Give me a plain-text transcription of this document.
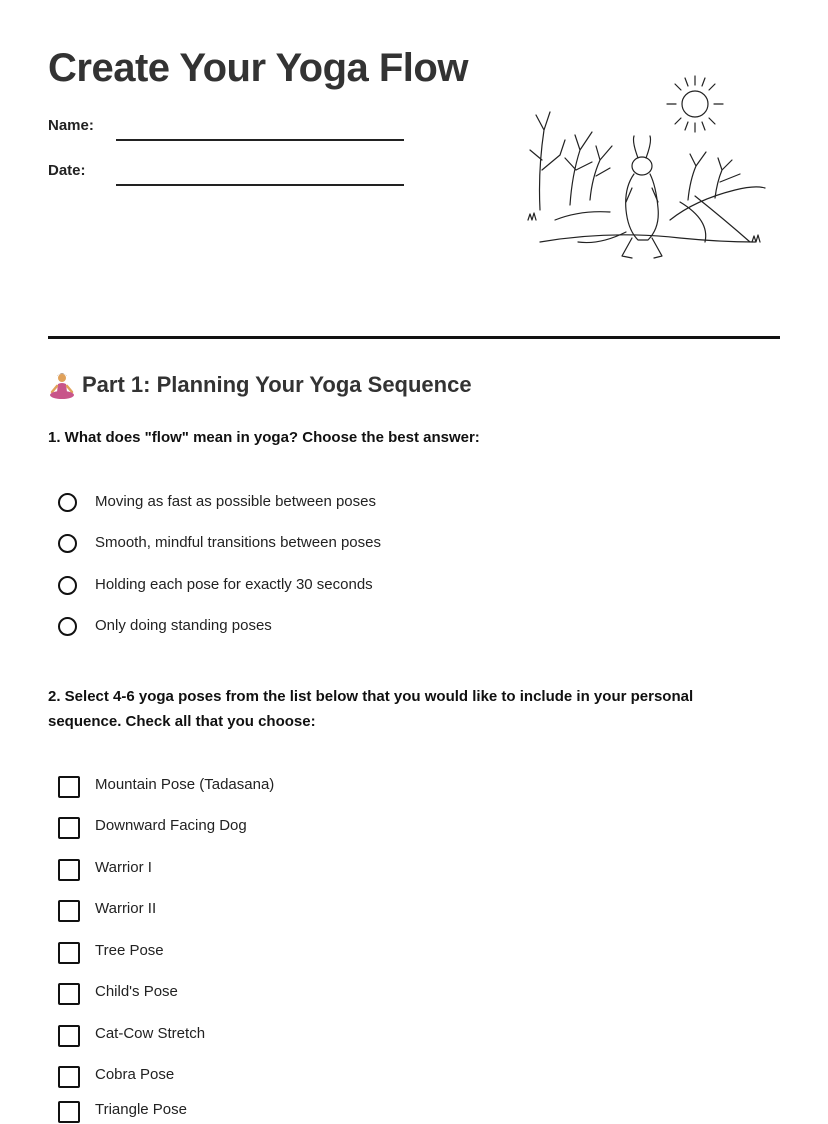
Create Your Yoga Flow
Name:
Date:
Part 1: Planning Your Yoga Sequence

1. What does "flow" mean in yoga? Choose the best answer:

Moving as fast as possible between poses
Smooth, mindful transitions between poses
Holding each pose for exactly 30 seconds
Only doing standing poses

2. Select 4-6 yoga poses from the list below that you would like to include in your personal sequence. Check all that you choose:

Mountain Pose (Tadasana)
Downward Facing Dog
Warrior I
Warrior II
Tree Pose
Child's Pose
Cat-Cow Stretch
Cobra Pose
Triangle Pose
